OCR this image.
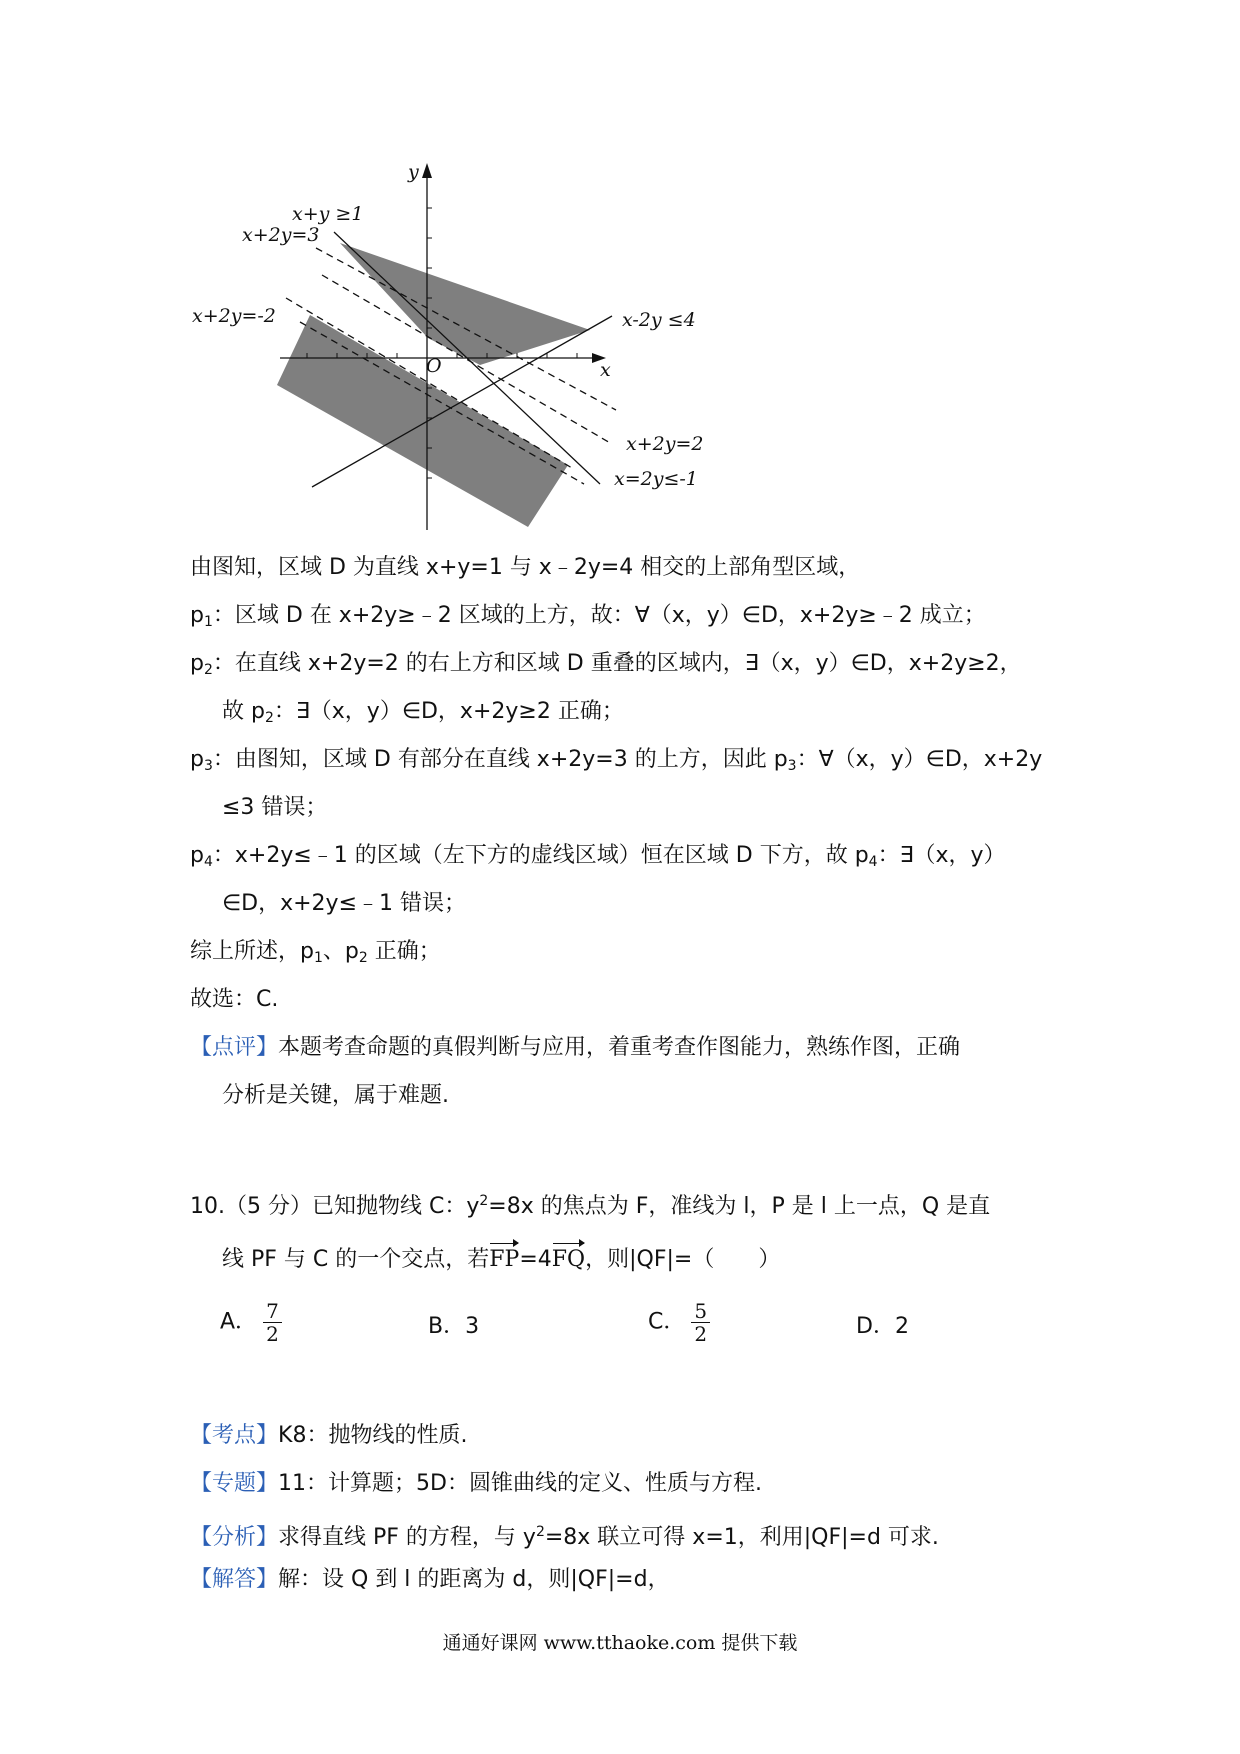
y
x
O
x+y ≥1
x+2y=3
x+2y=-2	x-2y ≤4
x+2y=2
x=2y≤-1
由图知，区域 D 为直线 x+y=1 与 x﹣2y=4 相交的上部角型区域，
$p_1$：区域 D 在 x+2y≥﹣2 区域的上方，故：∀（x，y）∈D，x+2y≥﹣2 成立；
$p_2$：在直线 x+2y=2 的右上方和区域 D 重叠的区域内，∃（x，y）∈D，x+2y≥2，
故 $p_2$：∃（x，y）∈D，x+2y≥2 正确；
$p_3$：由图知，区域 D 有部分在直线 x+2y=3 的上方，因此 $p_3$：∀（x，y）∈D，x+2y
≤3 错误；
$p_4$：x+2y≤﹣1 的区域（左下方的虚线区域）恒在区域 D 下方，故 $p_4$：∃（x，y）
∈D，x+2y≤﹣1 错误；
综上所述，$p_1$、$p_2$ 正确；
故选：C.
【点评】本题考查命题的真假判断与应用，着重考查作图能力，熟练作图，正确
分析是关键，属于难题.
10.（5 分）已知抛物线 C：$y^2=8x$ 的焦点为 F，准线为 l，P 是 l 上一点，Q 是直
线 PF 与 C 的一个交点，若FP=4FQ，则|QF|=（　　）
A． $\frac{7}{2}$	B．3	C． $\frac{5}{2}$	D．2
【考点】K8：抛物线的性质.
【专题】11：计算题；5D：圆锥曲线的定义、性质与方程.
【分析】求得直线 PF 的方程，与 $y^2=8x$ 联立可得 x=1，利用|QF|=d 可求.
【解答】解：设 Q 到 l 的距离为 d，则|QF|=d，
通通好课网 www.tthaoke.com 提供下载
